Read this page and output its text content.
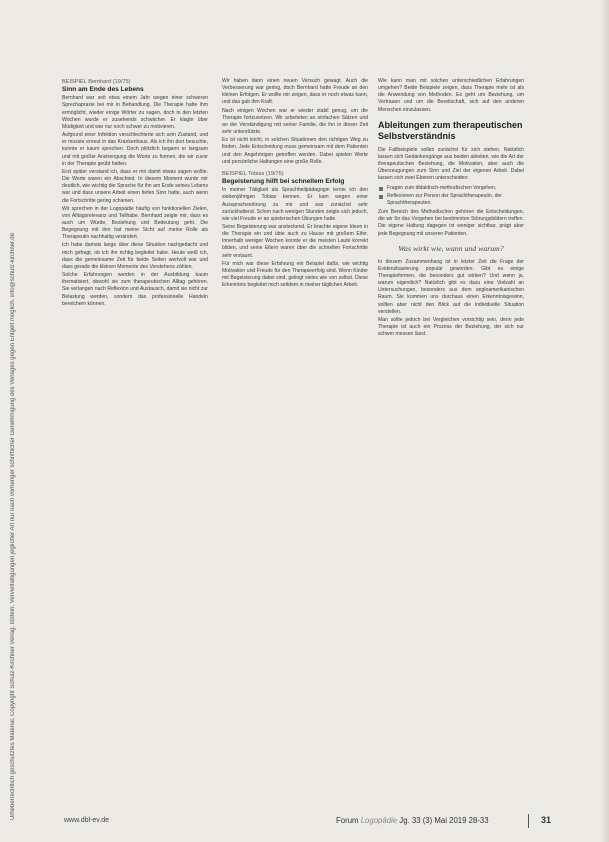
Urheberrechtlich geschütztes Material. Copyright Schulz-Kirchner Verlag, Idstein. Vervielfältigungen jeglicher Art nur nach vorheriger schriftlicher Genehmigung des Verlages gegen Entgelt möglich. info@schulz-kirchner.de
BEISPIEL Bernhard (19/75)
Sinn am Ende des Lebens

Bernhard war seit etwa einem Jahr wegen einer schweren Sprechapraxie bei mir in Behandlung. Die Therapie hatte ihm ermöglicht, wieder einige Wörter zu sagen, doch in den letzten Wochen wurde er zusehends schwächer. Er klagte über Müdigkeit und war nur noch schwer zu motivieren.

Aufgrund einer Infektion verschlechterte sich sein Zustand, und er musste erneut in das Krankenhaus. Als ich ihn dort besuchte, konnte er kaum sprechen. Doch plötzlich begann er langsam und mit großer Anstrengung die Worte zu formen, die wir zuvor in der Therapie geübt hatten.

Erst später verstand ich, dass er mir damit etwas sagen wollte. Die Worte waren ein Abschied. In diesem Moment wurde mir deutlich, wie wichtig die Sprache für ihn am Ende seines Lebens war und dass unsere Arbeit einen tiefen Sinn hatte, auch wenn die Fortschritte gering schienen.

Wir sprechen in der Logopädie häufig von funktionellen Zielen, von Alltagsrelevanz und Teilhabe. Bernhard zeigte mir, dass es auch um Würde, Beziehung und Bedeutung geht. Die Begegnung mit ihm hat meine Sicht auf meine Rolle als Therapeutin nachhaltig verändert.

Ich habe damals lange über diese Situation nachgedacht und mich gefragt, ob ich ihn richtig begleitet habe. Heute weiß ich, dass die gemeinsame Zeit für beide Seiten wertvoll war und dass gerade die kleinen Momente des Verstehens zählen.

Solche Erfahrungen werden in der Ausbildung kaum thematisiert, obwohl sie zum therapeutischen Alltag gehören. Sie verlangen nach Reflexion und Austausch, damit sie nicht zur Belastung werden, sondern das professionelle Handeln bereichern können.

Wir haben dann einen neuen Versuch gewagt. Auch die Verbesserung war gering, doch Bernhard hatte Freude an den kleinen Erfolgen. Er wollte mir zeigen, dass er noch etwas kann, und das gab ihm Kraft.

Nach einigen Wochen war er wieder stabil genug, um die Therapie fortzusetzen. Wir arbeiteten an einfachen Sätzen und an der Verständigung mit seiner Familie, die ihn in dieser Zeit sehr unterstützte.

Es ist nicht leicht, in solchen Situationen den richtigen Weg zu finden. Jede Entscheidung muss gemeinsam mit dem Patienten und den Angehörigen getroffen werden. Dabei spielen Werte und persönliche Haltungen eine große Rolle.

BEISPIEL Tobias (19/75)
Begeisterung hilft bei schnellem Erfolg

In meiner Tätigkeit als Sprachheilpädagogin lernte ich den siebenjährigen Tobias kennen. Er kam wegen einer Aussprachestörung zu mir und war zunächst sehr zurückhaltend. Schon nach wenigen Stunden zeigte sich jedoch, wie viel Freude er an spielerischen Übungen hatte.

Seine Begeisterung war ansteckend. Er brachte eigene Ideen in die Therapie ein und übte auch zu Hause mit großem Eifer. Innerhalb weniger Wochen konnte er die meisten Laute korrekt bilden, und seine Eltern waren über die schnellen Fortschritte sehr erstaunt.

Für mich war diese Erfahrung ein Beispiel dafür, wie wichtig Motivation und Freude für den Therapieerfolg sind. Wenn Kinder mit Begeisterung dabei sind, gelingt vieles wie von selbst. Diese Erkenntnis begleitet mich seitdem in meiner täglichen Arbeit.

Wie kann man mit solchen unterschiedlichen Erfahrungen umgehen? Beide Beispiele zeigen, dass Therapie mehr ist als die Anwendung von Methoden. Es geht um Beziehung, um Vertrauen und um die Bereitschaft, sich auf den anderen Menschen einzulassen.

Ableitungen zum therapeutischen Selbstverständnis

Die Fallbeispiele sollen zunächst für sich stehen. Natürlich lassen sich Gedankengänge aus beiden ableiten, wie die Art der therapeutischen Beziehung, die Motivation, aber auch die Überzeugungen zum Sinn und Ziel der eigenen Arbeit. Dabei lassen sich zwei Ebenen unterscheiden:

Fragen zum didaktisch-methodischen Vorgehen,
Reflexionen zur Person der Sprachtherapeutin, der Sprachtherapeuten.

Zum Bereich des Methodischen gehören die Entscheidungen, die wir für das Vorgehen bei bestimmten Störungsbildern treffen. Die eigene Haltung dagegen ist weniger sichtbar, prägt aber jede Begegnung mit unseren Patienten.

Was wirkt wie, wann und warum?

In diesem Zusammenhang ist in letzter Zeit die Frage der Evidenzbasierung populär geworden: Gibt es einige Therapieformen, die besonders gut wirken? Und wenn ja, warum eigentlich? Natürlich gibt es dazu eine Vielzahl an Untersuchungen, besonders aus dem angloamerikanischen Raum. Sie kommen uns durchaus einen Erkenntnisgewinn, sollten aber nicht den Blick auf die individuelle Situation verstellen.

Man sollte jedoch bei Vergleichen vorsichtig sein, denn jede Therapie ist auch ein Prozess der Beziehung, der sich nur schwer messen lässt.

www.dbl-ev.de	Forum Logopädie Jg. 33 (3) Mai 2019 28-33	31
